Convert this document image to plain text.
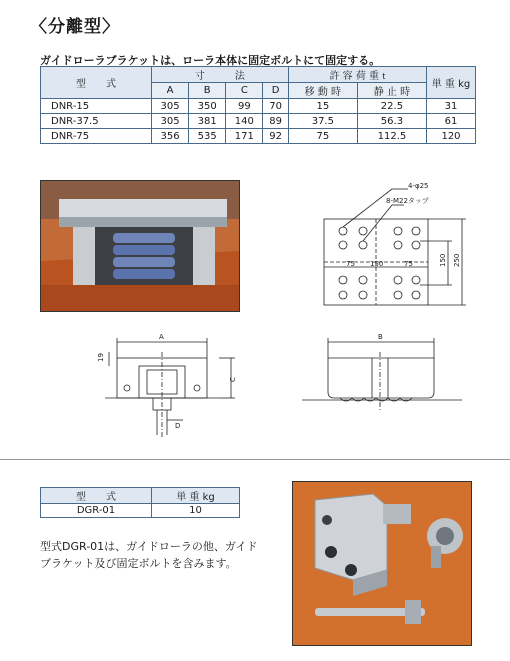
〈分離型〉
ガイドローラブラケットは、ローラ本体に固定ボルトにて固定する。
型　　式	寸　　　法				許 容 荷 重 t		単 重 kg
	A	B	C	D	移 動 時	静 止 時	
DNR-15	305	350	99	70	15	22.5	31
DNR-37.5	305	381	140	89	37.5	56.3	61
DNR-75	356	535	171	92	75	112.5	120
4-φ25
8-M22タップ
75 150	75	150 250
A
19
C
D
B
型　　式	単 重 kg
DGR-01	10
型式DGR-01は、ガイドローラの他、ガイドブラケット及び固定ボルトを含みます。
